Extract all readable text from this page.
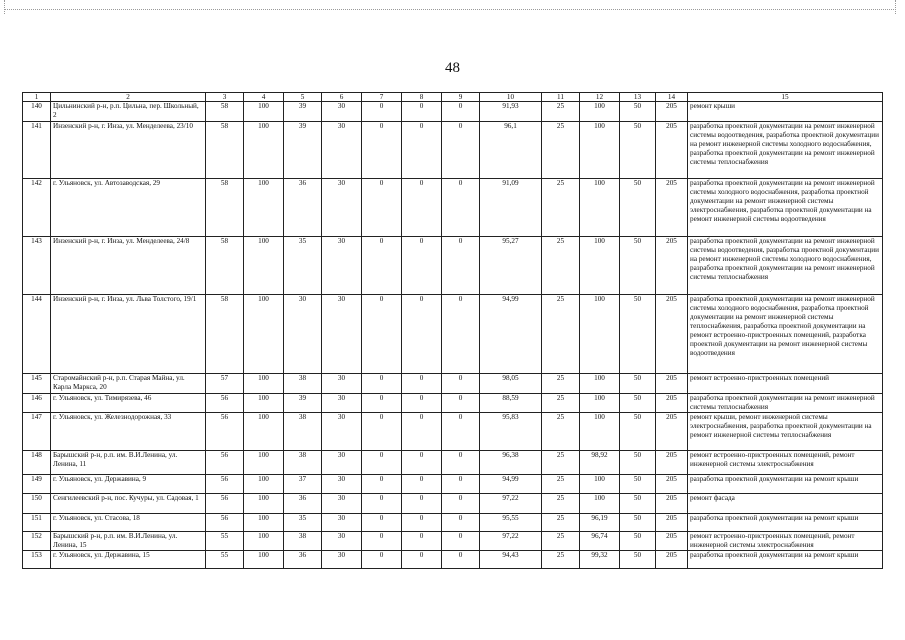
48
1	2	3	4	5	6	7	8	9	10	11	12	13	14	15
140	Цильнинский р-н, р.п. Цильна, пер. Школьный, 2	58	100	39	30	0	0	0	91,93	25	100	50	205	ремонт крыши
141	Инзенский р-н, г. Инза, ул. Менделеева, 23/10	58	100	39	30	0	0	0	96,1	25	100	50	205	разработка проектной документации на ремонт инженерной системы водоотведения, разработка проектной документации на ремонт инженерной системы холодного водоснабжения, разработка проектной документации на ремонт инженерной системы теплоснабжения
142	г. Ульяновск, ул. Автозаводская, 29	58	100	36	30	0	0	0	91,09	25	100	50	205	разработка проектной документации на ремонт инженерной системы холодного водоснабжения, разработка проектной документации на ремонт инженерной системы электроснабжения, разработка проектной документации на ремонт инженерной системы водоотведения
143	Инзенский р-н, г. Инза, ул. Менделеева, 24/8	58	100	35	30	0	0	0	95,27	25	100	50	205	разработка проектной документации на ремонт инженерной системы водоотведения, разработка проектной документации на ремонт инженерной системы холодного водоснабжения, разработка проектной документации на ремонт инженерной системы теплоснабжения
144	Инзенский р-н, г. Инза, ул. Льва Толстого, 19/1	58	100	30	30	0	0	0	94,99	25	100	50	205	разработка проектной документации на ремонт инженерной системы холодного водоснабжения, разработка проектной документации на ремонт инженерной системы теплоснабжения, разработка проектной документации на ремонт встроенно-пристроенных помещений, разработка проектной документации на ремонт инженерной системы водоотведения
145	Старомайнский р-н, р.п. Старая Майна, ул. Карла Маркса, 20	57	100	38	30	0	0	0	98,05	25	100	50	205	ремонт встроенно-пристроенных помещений
146	г. Ульяновск, ул. Тимирязева, 46	56	100	39	30	0	0	0	88,59	25	100	50	205	разработка проектной документации на ремонт инженерной системы теплоснабжения
147	г. Ульяновск, ул. Железнодорожная, 33	56	100	38	30	0	0	0	95,83	25	100	50	205	ремонт крыши, ремонт инженерной системы электроснабжения, разработка проектной документации на ремонт инженерной системы теплоснабжения
148	Барышский р-н, р.п. им. В.И.Ленина, ул. Ленина, 11	56	100	38	30	0	0	0	96,38	25	98,92	50	205	ремонт встроенно-пристроенных помещений, ремонт инженерной системы электроснабжения
149	г. Ульяновск, ул. Державина, 9	56	100	37	30	0	0	0	94,99	25	100	50	205	разработка проектной документации на ремонт крыши
150	Сенгилеевский р-н, пос. Кучуры, ул. Садовая, 1	56	100	36	30	0	0	0	97,22	25	100	50	205	ремонт фасада
151	г. Ульяновск, ул. Стасова, 18	56	100	35	30	0	0	0	95,55	25	96,19	50	205	разработка проектной документации на ремонт крыши
152	Барышский р-н, р.п. им. В.И.Ленина, ул. Ленина, 15	55	100	38	30	0	0	0	97,22	25	96,74	50	205	ремонт встроенно-пристроенных помещений, ремонт инженерной системы электроснабжения
153	г. Ульяновск, ул. Державина, 15	55	100	36	30	0	0	0	94,43	25	99,32	50	205	разработка проектной документации на ремонт крыши
